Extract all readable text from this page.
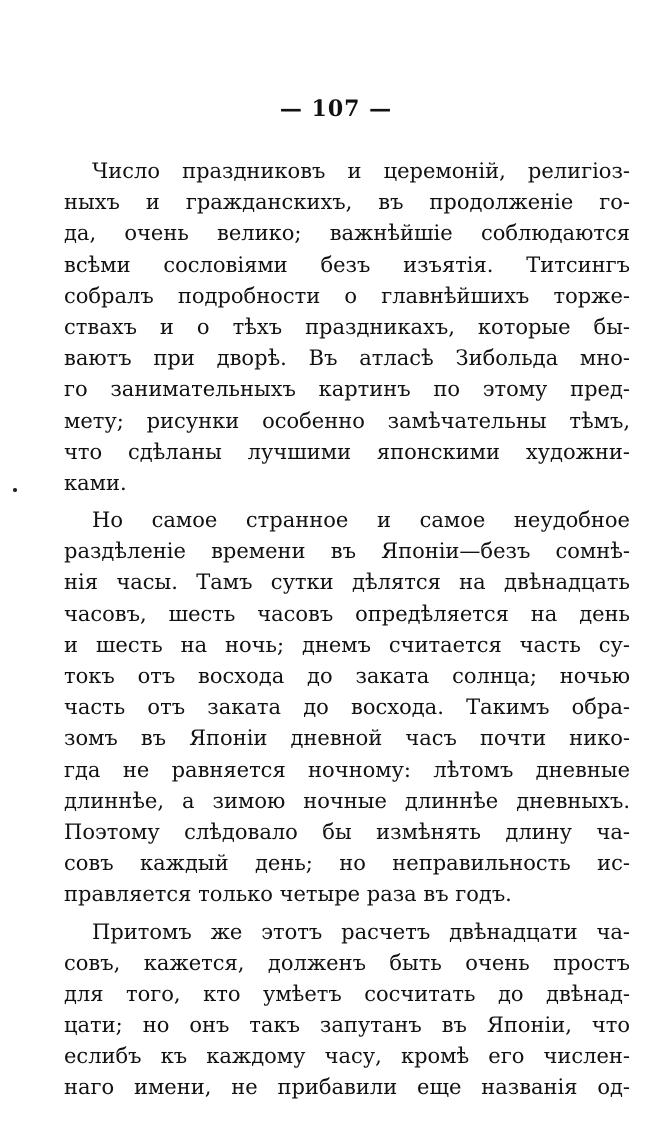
— 107 —
Число праздниковъ и церемоній, религіоз-
ныхъ и гражданскихъ, въ продолженіе го-
да, очень велико; важнѣйшіе соблюдаются
всѣми сословіями безъ изъятія. Титсингъ
собралъ подробности о главнѣйшихъ торже-
ствахъ и о тѣхъ праздникахъ, которые бы-
ваютъ при дворѣ. Въ атласѣ Зибольда мно-
го занимательныхъ картинъ по этому пред-
мету; рисунки особенно замѣчательны тѣмъ,
что сдѣланы лучшими японскими художни-
ками.
Но самое странное и самое неудобное
раздѣленіе времени въ Японіи—безъ сомнѣ-
нія часы. Тамъ сутки дѣлятся на двѣнадцать
часовъ, шесть часовъ опредѣляется на день
и шесть на ночь; днемъ считается часть су-
токъ отъ восхода до заката солнца; ночью
часть отъ заката до восхода. Такимъ обра-
зомъ въ Японіи дневной часъ почти нико-
гда не равняется ночному: лѣтомъ дневные
длиннѣе, а зимою ночные длиннѣе дневныхъ.
Поэтому слѣдовало бы измѣнять длину ча-
совъ каждый день; но неправильность ис-
правляется только четыре раза въ годъ.
Притомъ же этотъ расчетъ двѣнадцати ча-
совъ, кажется, долженъ быть очень простъ
для того, кто умѣетъ сосчитать до двѣнад-
цати; но онъ такъ запутанъ въ Японіи, что
еслибъ къ каждому часу, кромѣ его числен-
наго имени, не прибавили еще названія од-
